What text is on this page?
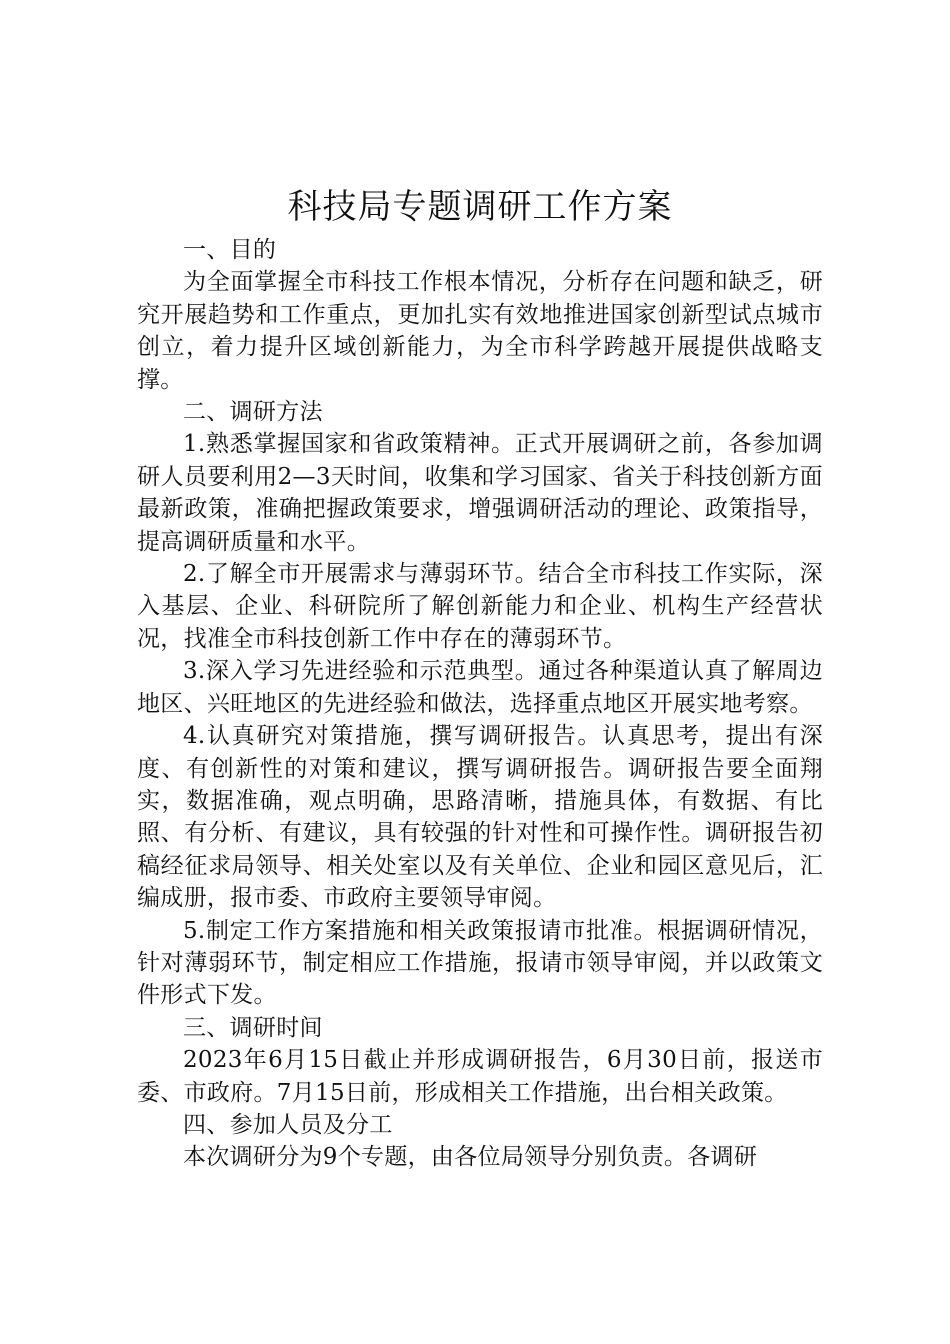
科技局专题调研工作方案

一、目的

为全面掌握全市科技工作根本情况，分析存在问题和缺乏，研究开展趋势和工作重点，更加扎实有效地推进国家创新型试点城市创立，着力提升区域创新能力，为全市科学跨越开展提供战略支撑。

二、调研方法

1.熟悉掌握国家和省政策精神。正式开展调研之前，各参加调研人员要利用2—3天时间，收集和学习国家、省关于科技创新方面最新政策，准确把握政策要求，增强调研活动的理论、政策指导，提高调研质量和水平。

2.了解全市开展需求与薄弱环节。结合全市科技工作实际，深入基层、企业、科研院所了解创新能力和企业、机构生产经营状况，找准全市科技创新工作中存在的薄弱环节。

3.深入学习先进经验和示范典型。通过各种渠道认真了解周边地区、兴旺地区的先进经验和做法，选择重点地区开展实地考察。

4.认真研究对策措施，撰写调研报告。认真思考，提出有深度、有创新性的对策和建议，撰写调研报告。调研报告要全面翔实，数据准确，观点明确，思路清晰，措施具体，有数据、有比照、有分析、有建议，具有较强的针对性和可操作性。调研报告初稿经征求局领导、相关处室以及有关单位、企业和园区意见后，汇编成册，报市委、市政府主要领导审阅。

5.制定工作方案措施和相关政策报请市批准。根据调研情况，针对薄弱环节，制定相应工作措施，报请市领导审阅，并以政策文件形式下发。

三、调研时间

2023年6月15日截止并形成调研报告，6月30日前，报送市委、市政府。7月15日前，形成相关工作措施，出台相关政策。

四、参加人员及分工

本次调研分为9个专题，由各位局领导分别负责。各调研
